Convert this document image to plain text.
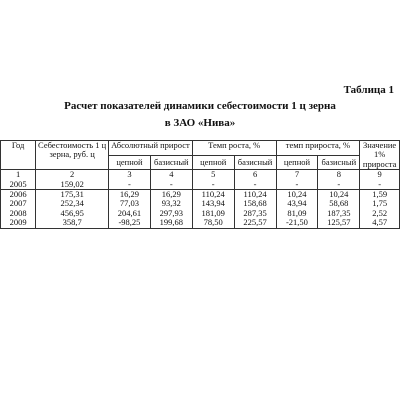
Таблица 1
Расчет показателей динамики себестоимости 1 ц зерна
в ЗАО «Нива»
Год	Себестоимость 1 ц зерна, руб. ц	Абсолютный прирост		Темп роста, %		темп прироста, %		Значение 1% прироста
		цепной	базисный	цепной	базисный	цепной	базисный	
1	2	3	4	5	6	7	8	9
2005	159,02	-	-	-	-	-	-	-
2006	175,31	16,29	16,29	110,24	110,24	10,24	10,24	1,59
2007	252,34	77,03	93,32	143,94	158,68	43,94	58,68	1,75
2008	456,95	204,61	297,93	181,09	287,35	81,09	187,35	2,52
2009	358,7	-98,25	199,68	78,50	225,57	-21,50	125,57	4,57
